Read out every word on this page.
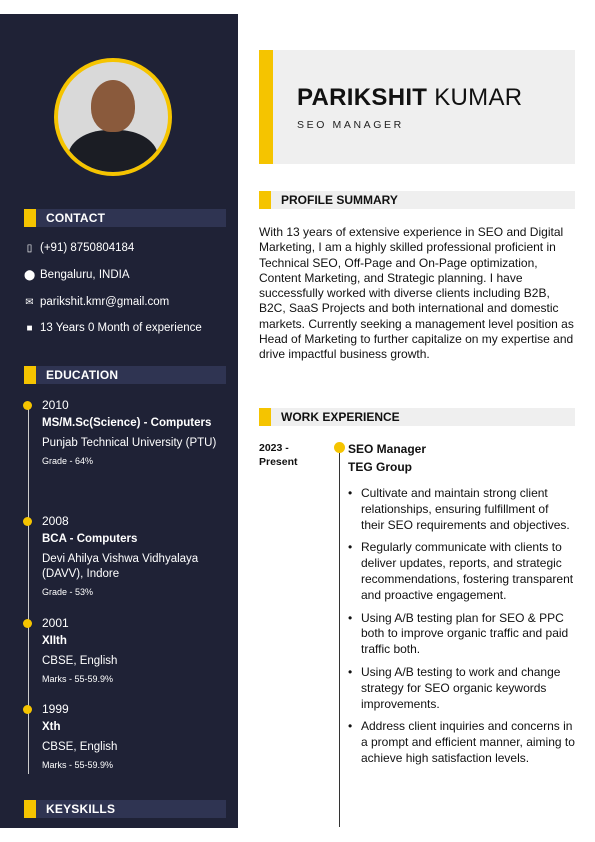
CONTACT
▯ (+91) 8750804184
⬤ Bengaluru, INDIA
✉ parikshit.kmr@gmail.com
■ 13 Years 0 Month of experience
EDUCATION
2010
MS/M.Sc(Science) - Computers
Punjab Technical University (PTU)
Grade - 64%
2008
BCA - Computers
Devi Ahilya Vishwa Vidhyalaya (DAVV), Indore
Grade - 53%
2001
XIIth
CBSE, English
Marks - 55-59.9%
1999
Xth
CBSE, English
Marks - 55-59.9%
KEYSKILLS
PARIKSHIT KUMAR
SEO MANAGER
PROFILE SUMMARY
With 13 years of extensive experience in SEO and Digital Marketing, I am a highly skilled professional proficient in Technical SEO, Off-Page and On-Page optimization, Content Marketing, and Strategic planning. I have successfully worked with diverse clients including B2B, B2C, SaaS Projects and both international and domestic markets. Currently seeking a management level position as Head of Marketing to further capitalize on my expertise and drive impactful business growth.
WORK EXPERIENCE
2023 - Present
SEO Manager
TEG Group
• Cultivate and maintain strong client relationships, ensuring fulfillment of their SEO requirements and objectives.
• Regularly communicate with clients to deliver updates, reports, and strategic recommendations, fostering transparent and proactive engagement.
• Using A/B testing plan for SEO & PPC both to improve organic traffic and paid traffic both.
• Using A/B testing to work and change strategy for SEO organic keywords improvements.
• Address client inquiries and concerns in a prompt and efficient manner, aiming to achieve high satisfaction levels.
